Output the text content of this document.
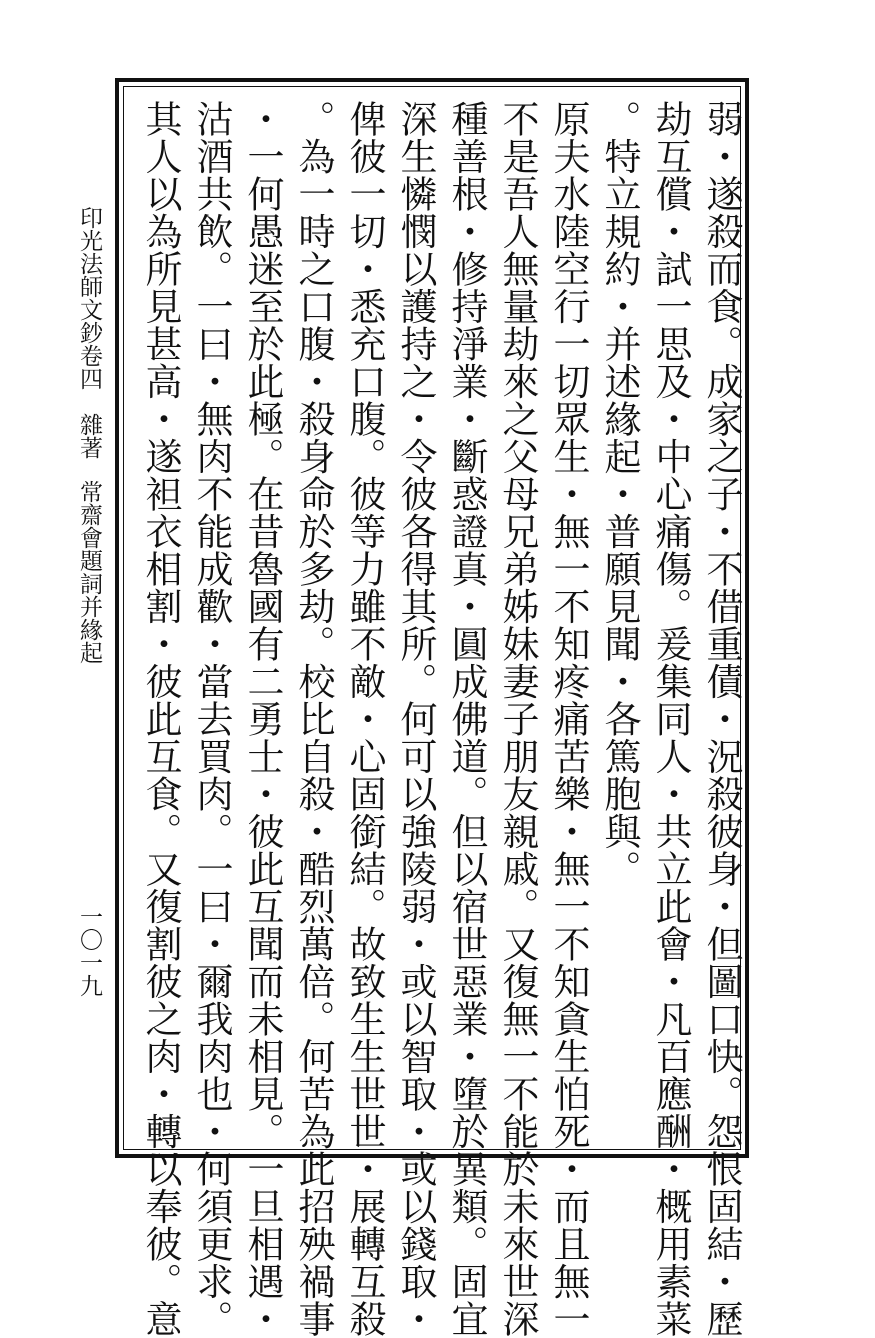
弱・遂殺而食。成家之子・不借重債・況殺彼身・但圖口快。怨恨固結・歷
劫互償・試一思及・中心痛傷。爰集同人・共立此會・凡百應酬・概用素菜
。特立規約・并述緣起・普願見聞・各篤胞與。
原夫水陸空行一切眾生・無一不知疼痛苦樂・無一不知貪生怕死・而且無一
不是吾人無量劫來之父母兄弟姊妹妻子朋友親戚。又復無一不能於未來世深
種善根・修持淨業・斷惑證真・圓成佛道。但以宿世惡業・墮於異類。固宜
深生憐憫以護持之・令彼各得其所。何可以強陵弱・或以智取・或以錢取・
俾彼一切・悉充口腹。彼等力雖不敵・心固銜結。故致生生世世・展轉互殺
。為一時之口腹・殺身命於多劫。校比自殺・酷烈萬倍。何苦為此招殃禍事
・一何愚迷至於此極。在昔魯國有二勇士・彼此互聞而未相見。一旦相遇・
沽酒共飲。一曰・無肉不能成歡・當去買肉。一曰・爾我肉也・何須更求。
其人以為所見甚高・遂袒衣相割・彼此互食。又復割彼之肉・轉以奉彼。意
印光法師文鈔卷四　雜著
常齋會題詞并緣起
一〇一九
